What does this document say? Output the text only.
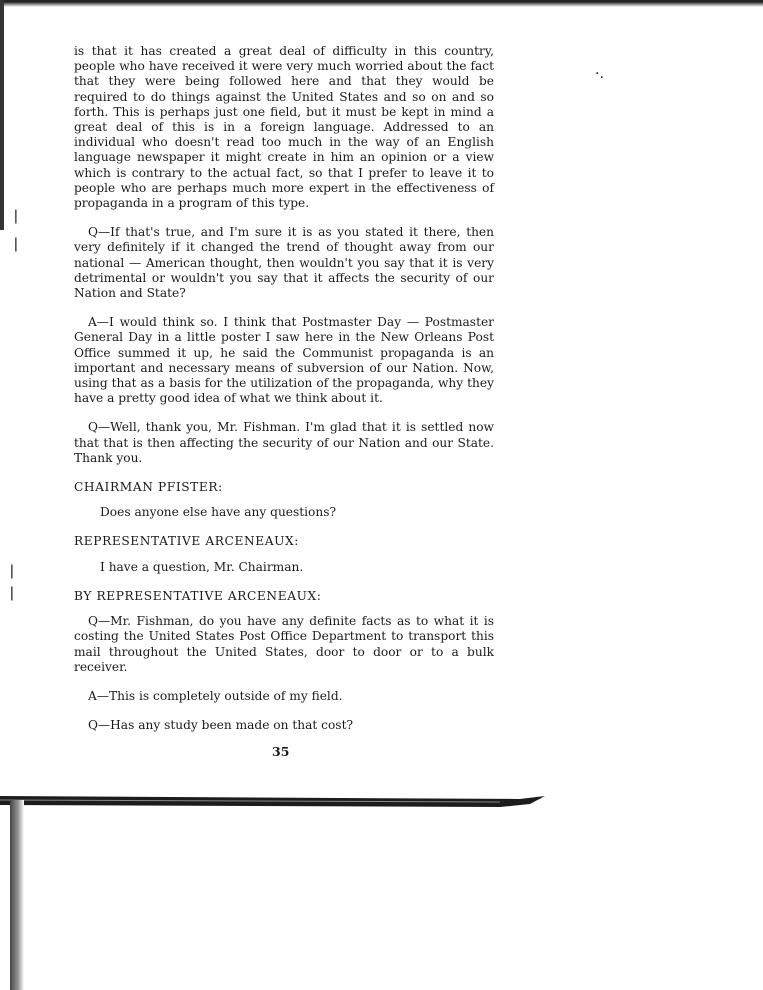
·.
❘
❘
❘
❘

is that it has created a great deal of difficulty in this country, people who have received it were very much worried about the fact that they were being followed here and that they would be required to do things against the United States and so on and so forth. This is perhaps just one field, but it must be kept in mind a great deal of this is in a foreign language. Addressed to an individual who doesn't read too much in the way of an English language newspaper it might create in him an opinion or a view which is contrary to the actual fact, so that I prefer to leave it to people who are perhaps much more expert in the effectiveness of propaganda in a program of this type.

Q—If that's true, and I'm sure it is as you stated it there, then very definitely if it changed the trend of thought away from our national — American thought, then wouldn't you say that it is very detrimental or wouldn't you say that it affects the security of our Nation and State?

A—I would think so. I think that Postmaster Day — Postmaster General Day in a little poster I saw here in the New Orleans Post Office summed it up, he said the Communist propaganda is an important and necessary means of subversion of our Nation. Now, using that as a basis for the utilization of the propaganda, why they have a pretty good idea of what we think about it.

Q—Well, thank you, Mr. Fishman. I'm glad that it is settled now that that is then affecting the security of our Nation and our State. Thank you.

CHAIRMAN PFISTER:

Does anyone else have any questions?

REPRESENTATIVE ARCENEAUX:

I have a question, Mr. Chairman.

BY REPRESENTATIVE ARCENEAUX:

Q—Mr. Fishman, do you have any definite facts as to what it is costing the United States Post Office Department to transport this mail throughout the United States, door to door or to a bulk receiver.

A—This is completely outside of my field.

Q—Has any study been made on that cost?

35
